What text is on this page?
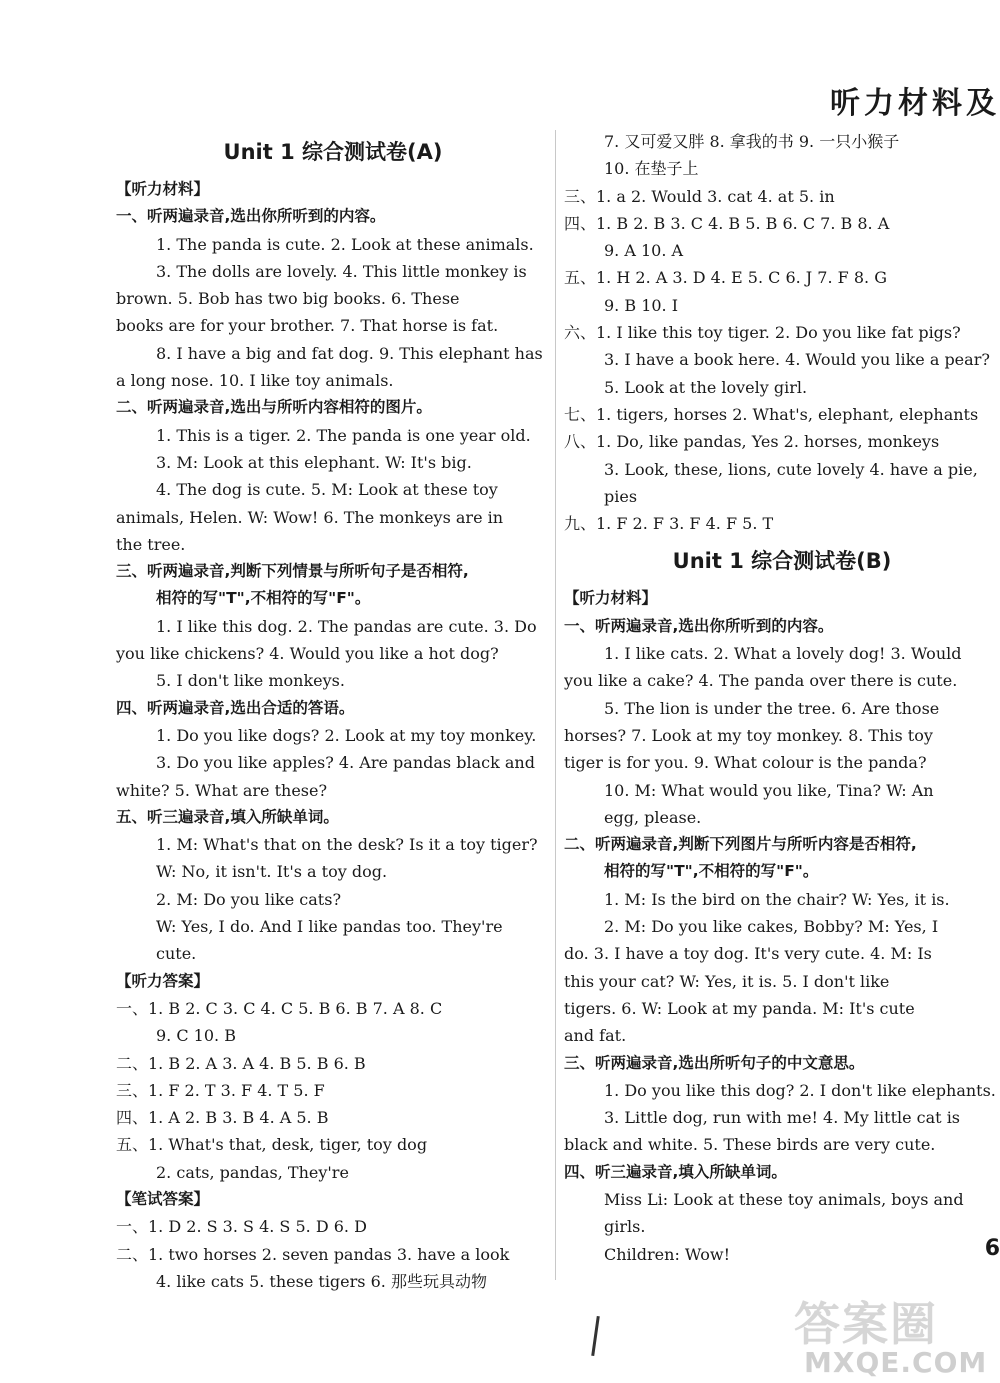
听力材料及
Unit 1 综合测试卷(A)
【听力材料】
一、听两遍录音,选出你所听到的内容。
1. The panda is cute. 2. Look at these animals.
3. The dolls are lovely. 4. This little monkey is
brown. 5. Bob has two big books. 6. These
books are for your brother. 7. That horse is fat.
8. I have a big and fat dog. 9. This elephant has
a long nose. 10. I like toy animals.
二、听两遍录音,选出与所听内容相符的图片。
1. This is a tiger. 2. The panda is one year old.
3. M: Look at this elephant. W: It's big.
4. The dog is cute. 5. M: Look at these toy
animals, Helen. W: Wow! 6. The monkeys are in
the tree.
三、听两遍录音,判断下列情景与所听句子是否相符,
相符的写"T",不相符的写"F"。
1. I like this dog. 2. The pandas are cute. 3. Do
you like chickens? 4. Would you like a hot dog?
5. I don't like monkeys.
四、听两遍录音,选出合适的答语。
1. Do you like dogs? 2. Look at my toy monkey.
3. Do you like apples? 4. Are pandas black and
white? 5. What are these?
五、听三遍录音,填入所缺单词。
1. M: What's that on the desk? Is it a toy tiger?
W: No, it isn't. It's a toy dog.
2. M: Do you like cats?
W: Yes, I do. And I like pandas too. They're
cute.
【听力答案】
一、1. B 2. C 3. C 4. C 5. B 6. B 7. A 8. C
9. C 10. B
二、1. B 2. A 3. A 4. B 5. B 6. B
三、1. F 2. T 3. F 4. T 5. F
四、1. A 2. B 3. B 4. A 5. B
五、1. What's that, desk, tiger, toy dog
2. cats, pandas, They're
【笔试答案】
一、1. D 2. S 3. S 4. S 5. D 6. D
二、1. two horses 2. seven pandas 3. have a look
4. like cats 5. these tigers 6. 那些玩具动物
7. 又可爱又胖 8. 拿我的书 9. 一只小猴子
10. 在垫子上
三、1. a 2. Would 3. cat 4. at 5. in
四、1. B 2. B 3. C 4. B 5. B 6. C 7. B 8. A
9. A 10. A
五、1. H 2. A 3. D 4. E 5. C 6. J 7. F 8. G
9. B 10. I
六、1. I like this toy tiger. 2. Do you like fat pigs?
3. I have a book here. 4. Would you like a pear?
5. Look at the lovely girl.
七、1. tigers, horses 2. What's, elephant, elephants
八、1. Do, like pandas, Yes 2. horses, monkeys
3. Look, these, lions, cute lovely 4. have a pie,
pies
九、1. F 2. F 3. F 4. F 5. T
Unit 1 综合测试卷(B)
【听力材料】
一、听两遍录音,选出你所听到的内容。
1. I like cats. 2. What a lovely dog! 3. Would
you like a cake? 4. The panda over there is cute.
5. The lion is under the tree. 6. Are those
horses? 7. Look at my toy monkey. 8. This toy
tiger is for you. 9. What colour is the panda?
10. M: What would you like, Tina? W: An
egg, please.
二、听两遍录音,判断下列图片与所听内容是否相符,
相符的写"T",不相符的写"F"。
1. M: Is the bird on the chair? W: Yes, it is.
2. M: Do you like cakes, Bobby? M: Yes, I
do. 3. I have a toy dog. It's very cute. 4. M: Is
this your cat? W: Yes, it is. 5. I don't like
tigers. 6. W: Look at my panda. M: It's cute
and fat.
三、听两遍录音,选出所听句子的中文意思。
1. Do you like this dog? 2. I don't like elephants.
3. Little dog, run with me! 4. My little cat is
black and white. 5. These birds are very cute.
四、听三遍录音,填入所缺单词。
Miss Li: Look at these toy animals, boys and
girls.
Children: Wow!	6
答案圈
MXQE.COM
